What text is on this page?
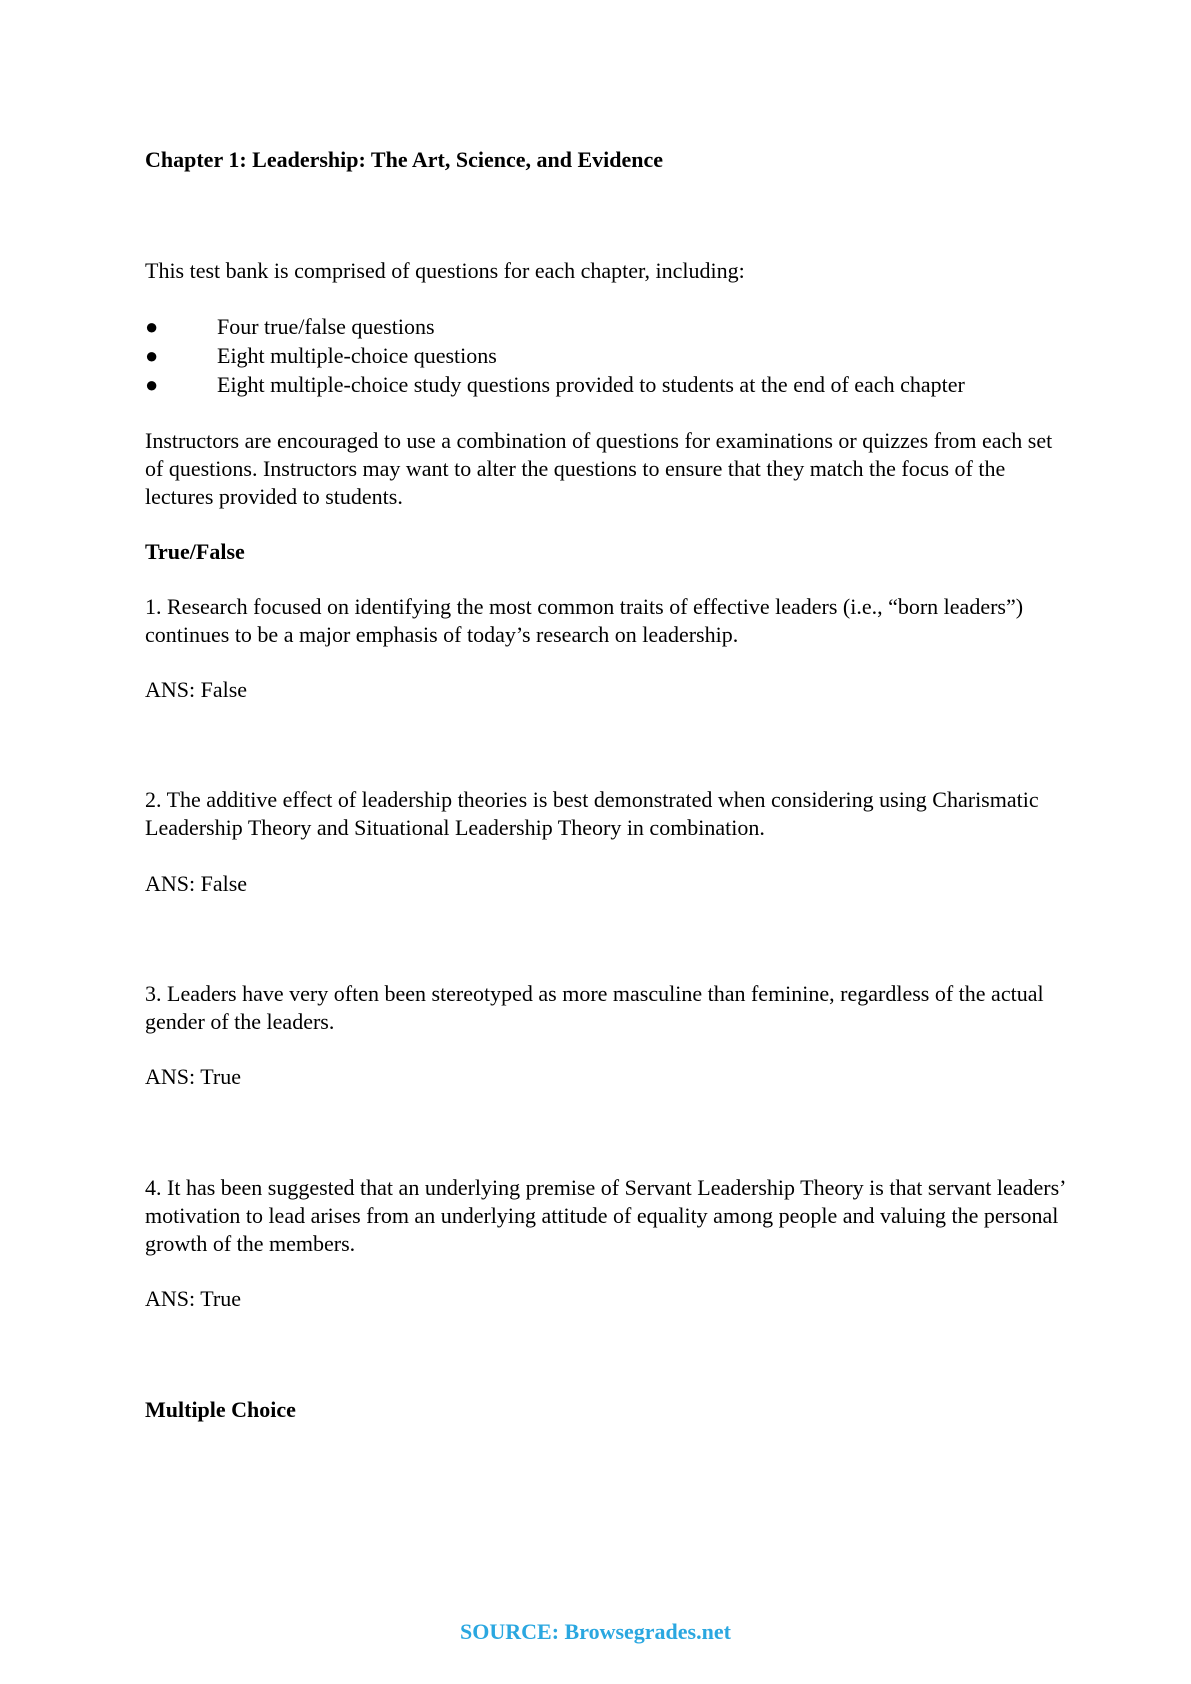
Chapter 1: Leadership: The Art, Science, and Evidence

This test bank is comprised of questions for each chapter, including:

●	Four true/false questions
●	Eight multiple-choice questions
●	Eight multiple-choice study questions provided to students at the end of each chapter

Instructors are encouraged to use a combination of questions for examinations or quizzes from each set of questions. Instructors may want to alter the questions to ensure that they match the focus of the lectures provided to students.

True/False

1. Research focused on identifying the most common traits of effective leaders (i.e., “born leaders”) continues to be a major emphasis of today’s research on leadership.

ANS: False

2. The additive effect of leadership theories is best demonstrated when considering using Charismatic Leadership Theory and Situational Leadership Theory in combination.

ANS: False

3. Leaders have very often been stereotyped as more masculine than feminine, regardless of the actual gender of the leaders.

ANS: True

4. It has been suggested that an underlying premise of Servant Leadership Theory is that servant leaders’ motivation to lead arises from an underlying attitude of equality among people and valuing the personal growth of the members.

ANS: True

Multiple Choice

SOURCE: Browsegrades.net
